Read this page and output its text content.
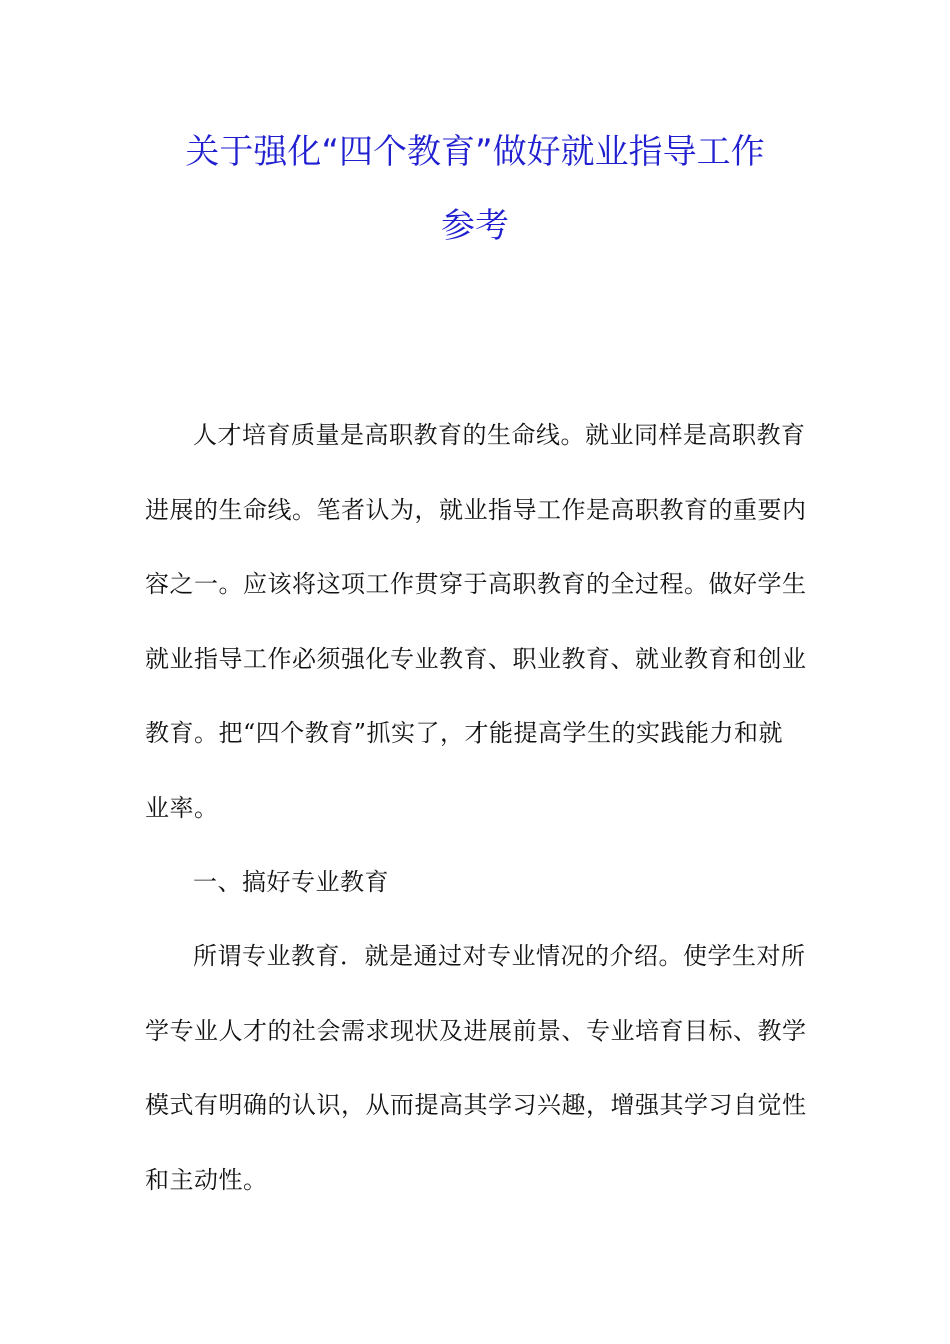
关于强化“四个教育”做好就业指导工作
参考
人才培育质量是高职教育的生命线。就业同样是高职教育
进展的生命线。笔者认为，就业指导工作是高职教育的重要内
容之一。应该将这项工作贯穿于高职教育的全过程。做好学生
就业指导工作必须强化专业教育、职业教育、就业教育和创业
教育。把“四个教育”抓实了，才能提高学生的实践能力和就
业率。
一、搞好专业教育
所谓专业教育．就是通过对专业情况的介绍。使学生对所
学专业人才的社会需求现状及进展前景、专业培育目标、教学
模式有明确的认识，从而提高其学习兴趣，增强其学习自觉性
和主动性。
